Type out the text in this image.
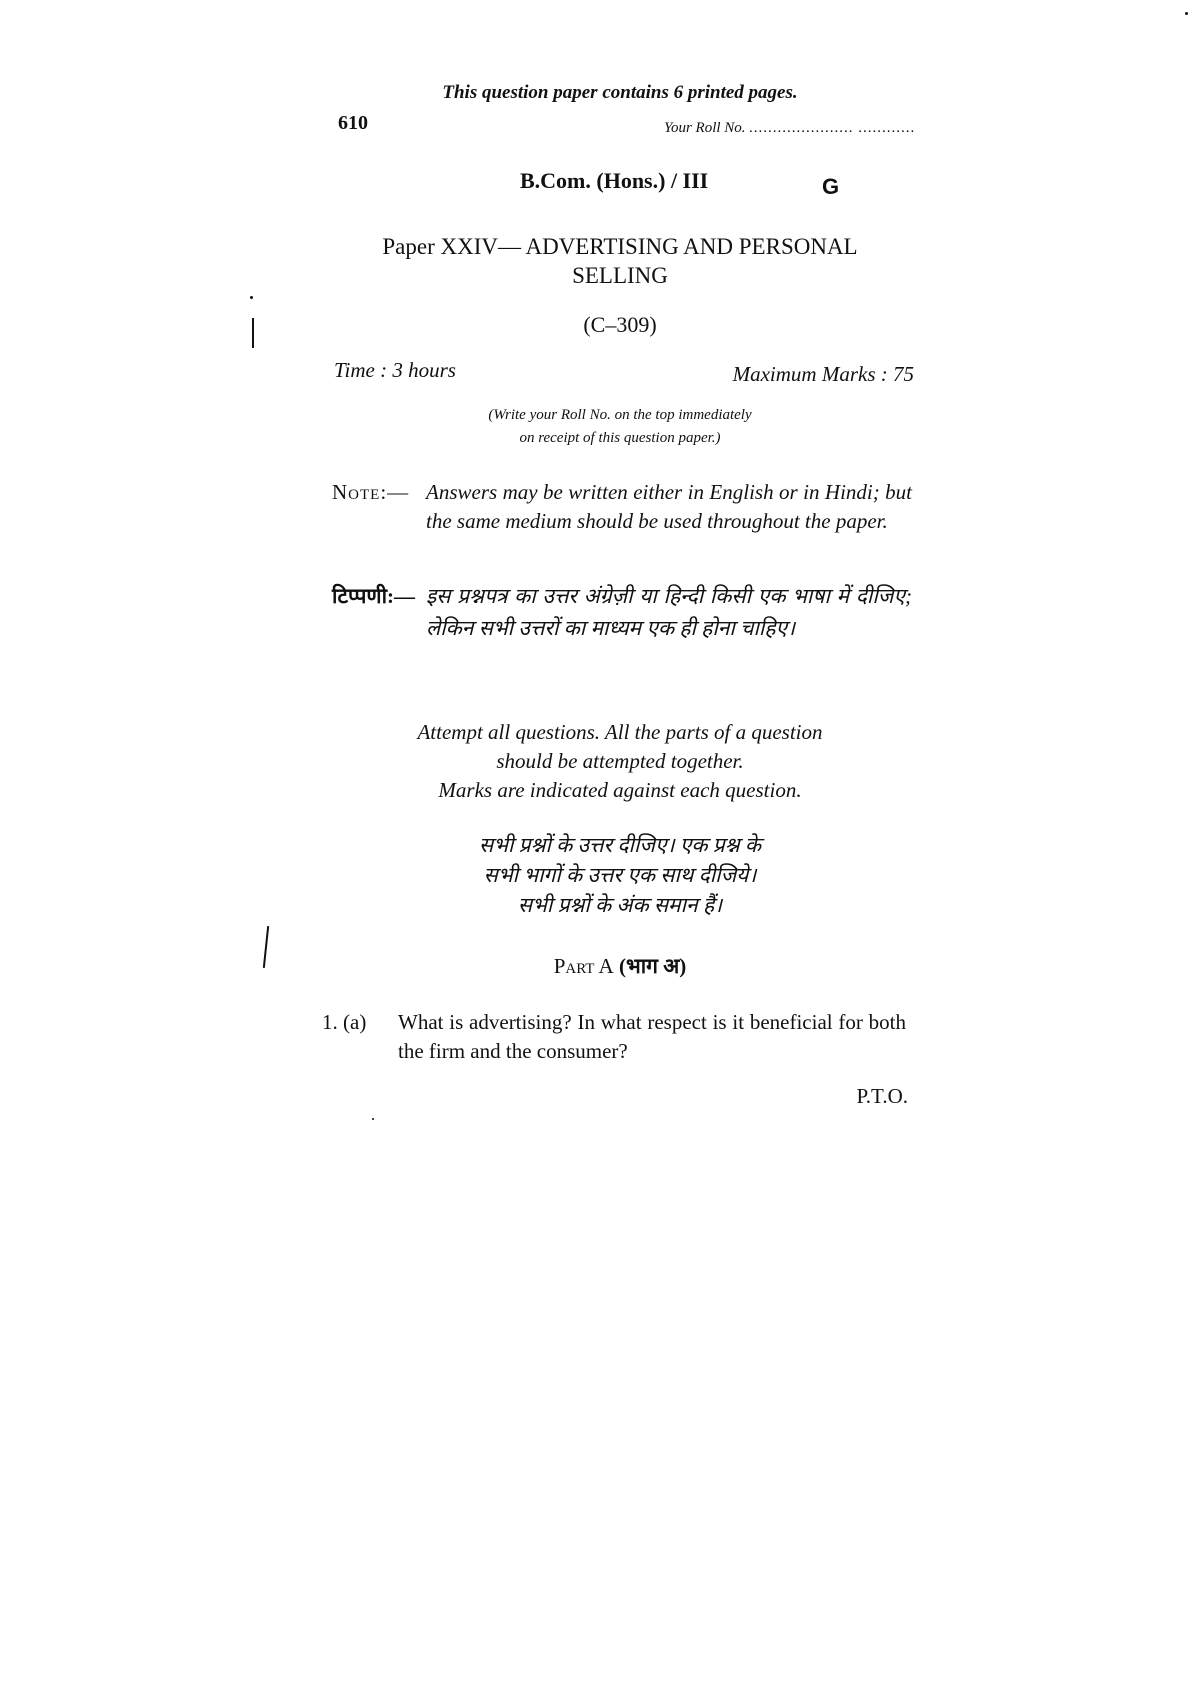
This question paper contains 6 printed pages.
610	Your Roll No. ...................... ............
B.Com. (Hons.) / III	G
Paper XXIV— ADVERTISING AND PERSONAL
SELLING
(C–309)
Time : 3 hours	Maximum Marks : 75
(Write your Roll No. on the top immediately
on receipt of this question paper.)
Note:— Answers may be written either in English or in Hindi; but the same medium should be used throughout the paper.
टिप्पणी:— इस प्रश्नपत्र का उत्तर अंग्रेज़ी या हिन्दी किसी एक भाषा में दीजिए; लेकिन सभी उत्तरों का माध्यम एक ही होना चाहिए।
Attempt all questions. All the parts of a question
should be attempted together.
Marks are indicated against each question.
सभी प्रश्नों के उत्तर दीजिए। एक प्रश्न के
सभी भागों के उत्तर एक साथ दीजिये।
सभी प्रश्नों के अंक समान हैं।
Part A (भाग अ)
1. (a) What is advertising? In what respect is it beneficial for both the firm and the consumer?
P.T.O.
